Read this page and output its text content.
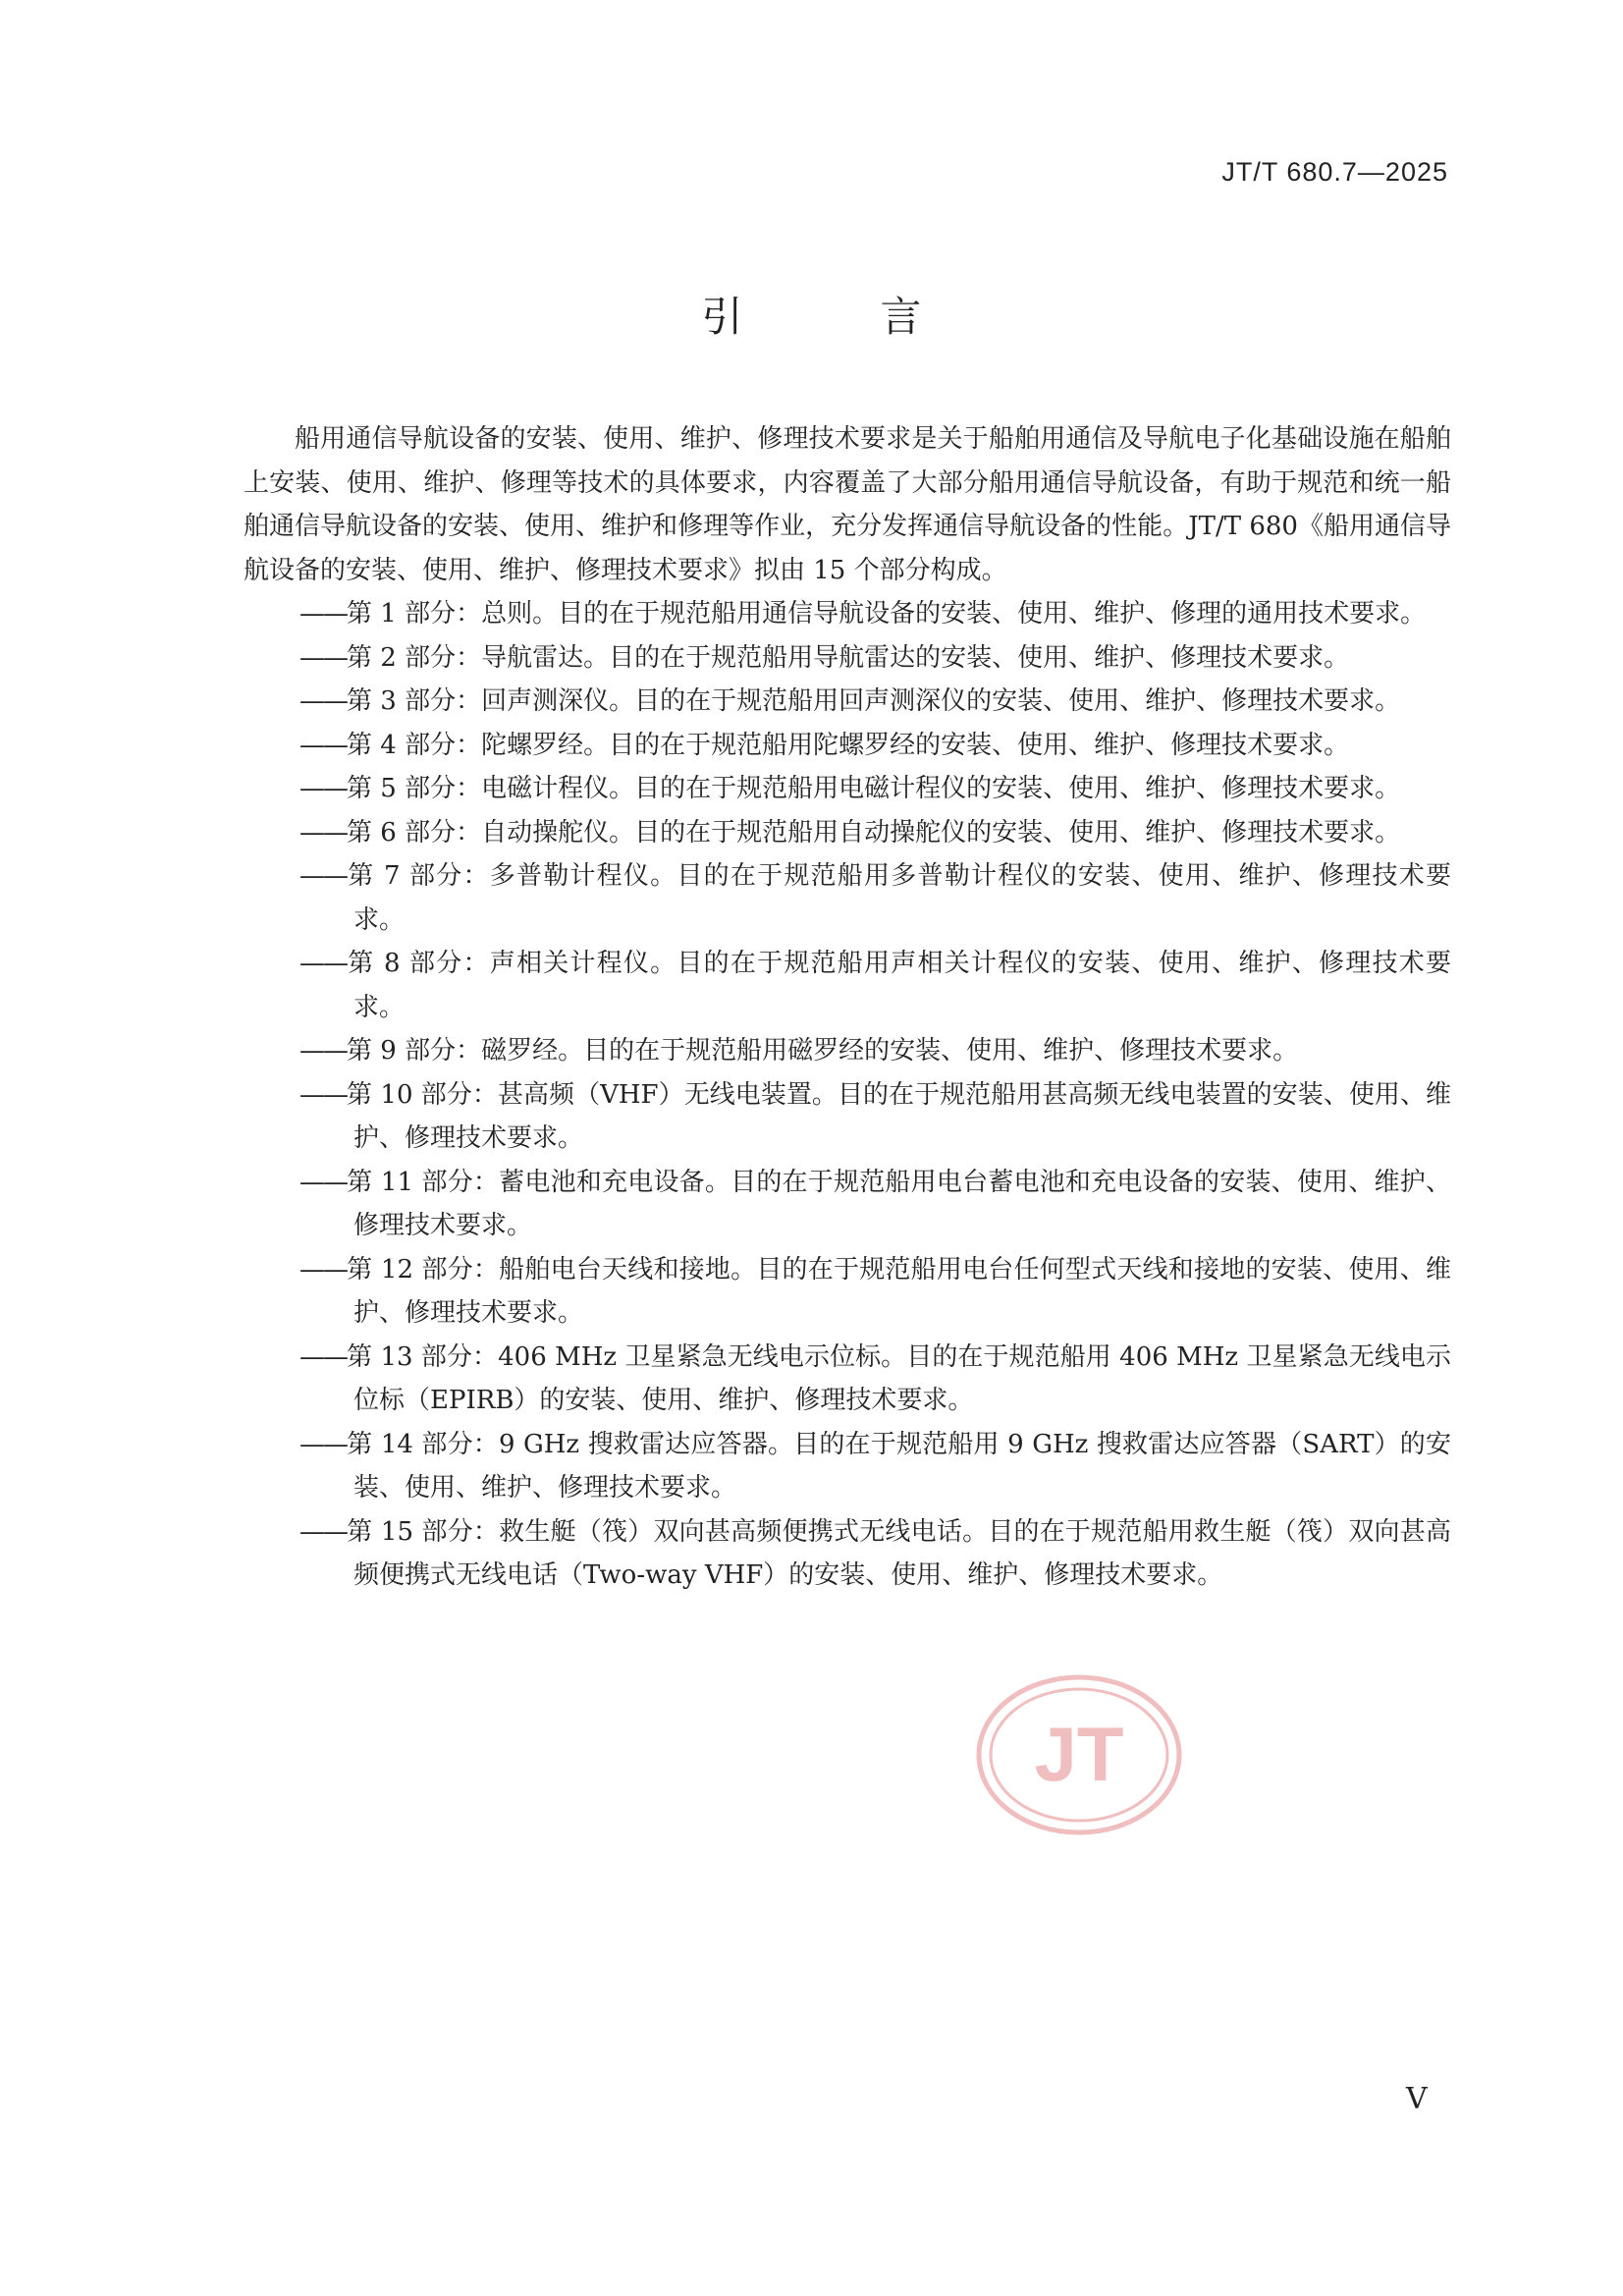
JT/T 680.7—2025
引	言

船用通信导航设备的安装、使用、维护、修理技术要求是关于船舶用通信及导航电子化基础设施在船舶上安装、使用、维护、修理等技术的具体要求，内容覆盖了大部分船用通信导航设备，有助于规范和统一船舶通信导航设备的安装、使用、维护和修理等作业，充分发挥通信导航设备的性能。JT/T 680《船用通信导航设备的安装、使用、维护、修理技术要求》拟由 15 个部分构成。

——第 1 部分：总则。目的在于规范船用通信导航设备的安装、使用、维护、修理的通用技术要求。
——第 2 部分：导航雷达。目的在于规范船用导航雷达的安装、使用、维护、修理技术要求。
——第 3 部分：回声测深仪。目的在于规范船用回声测深仪的安装、使用、维护、修理技术要求。
——第 4 部分：陀螺罗经。目的在于规范船用陀螺罗经的安装、使用、维护、修理技术要求。
——第 5 部分：电磁计程仪。目的在于规范船用电磁计程仪的安装、使用、维护、修理技术要求。
——第 6 部分：自动操舵仪。目的在于规范船用自动操舵仪的安装、使用、维护、修理技术要求。
——第 7 部分：多普勒计程仪。目的在于规范船用多普勒计程仪的安装、使用、维护、修理技术要求。
——第 8 部分：声相关计程仪。目的在于规范船用声相关计程仪的安装、使用、维护、修理技术要求。
——第 9 部分：磁罗经。目的在于规范船用磁罗经的安装、使用、维护、修理技术要求。
——第 10 部分：甚高频（VHF）无线电装置。目的在于规范船用甚高频无线电装置的安装、使用、维护、修理技术要求。
——第 11 部分：蓄电池和充电设备。目的在于规范船用电台蓄电池和充电设备的安装、使用、维护、修理技术要求。
——第 12 部分：船舶电台天线和接地。目的在于规范船用电台任何型式天线和接地的安装、使用、维护、修理技术要求。
——第 13 部分：406 MHz 卫星紧急无线电示位标。目的在于规范船用 406 MHz 卫星紧急无线电示位标（EPIRB）的安装、使用、维护、修理技术要求。
——第 14 部分：9 GHz 搜救雷达应答器。目的在于规范船用 9 GHz 搜救雷达应答器（SART）的安装、使用、维护、修理技术要求。
——第 15 部分：救生艇（筏）双向甚高频便携式无线电话。目的在于规范船用救生艇（筏）双向甚高频便携式无线电话（Two-way VHF）的安装、使用、维护、修理技术要求。
JT
V
